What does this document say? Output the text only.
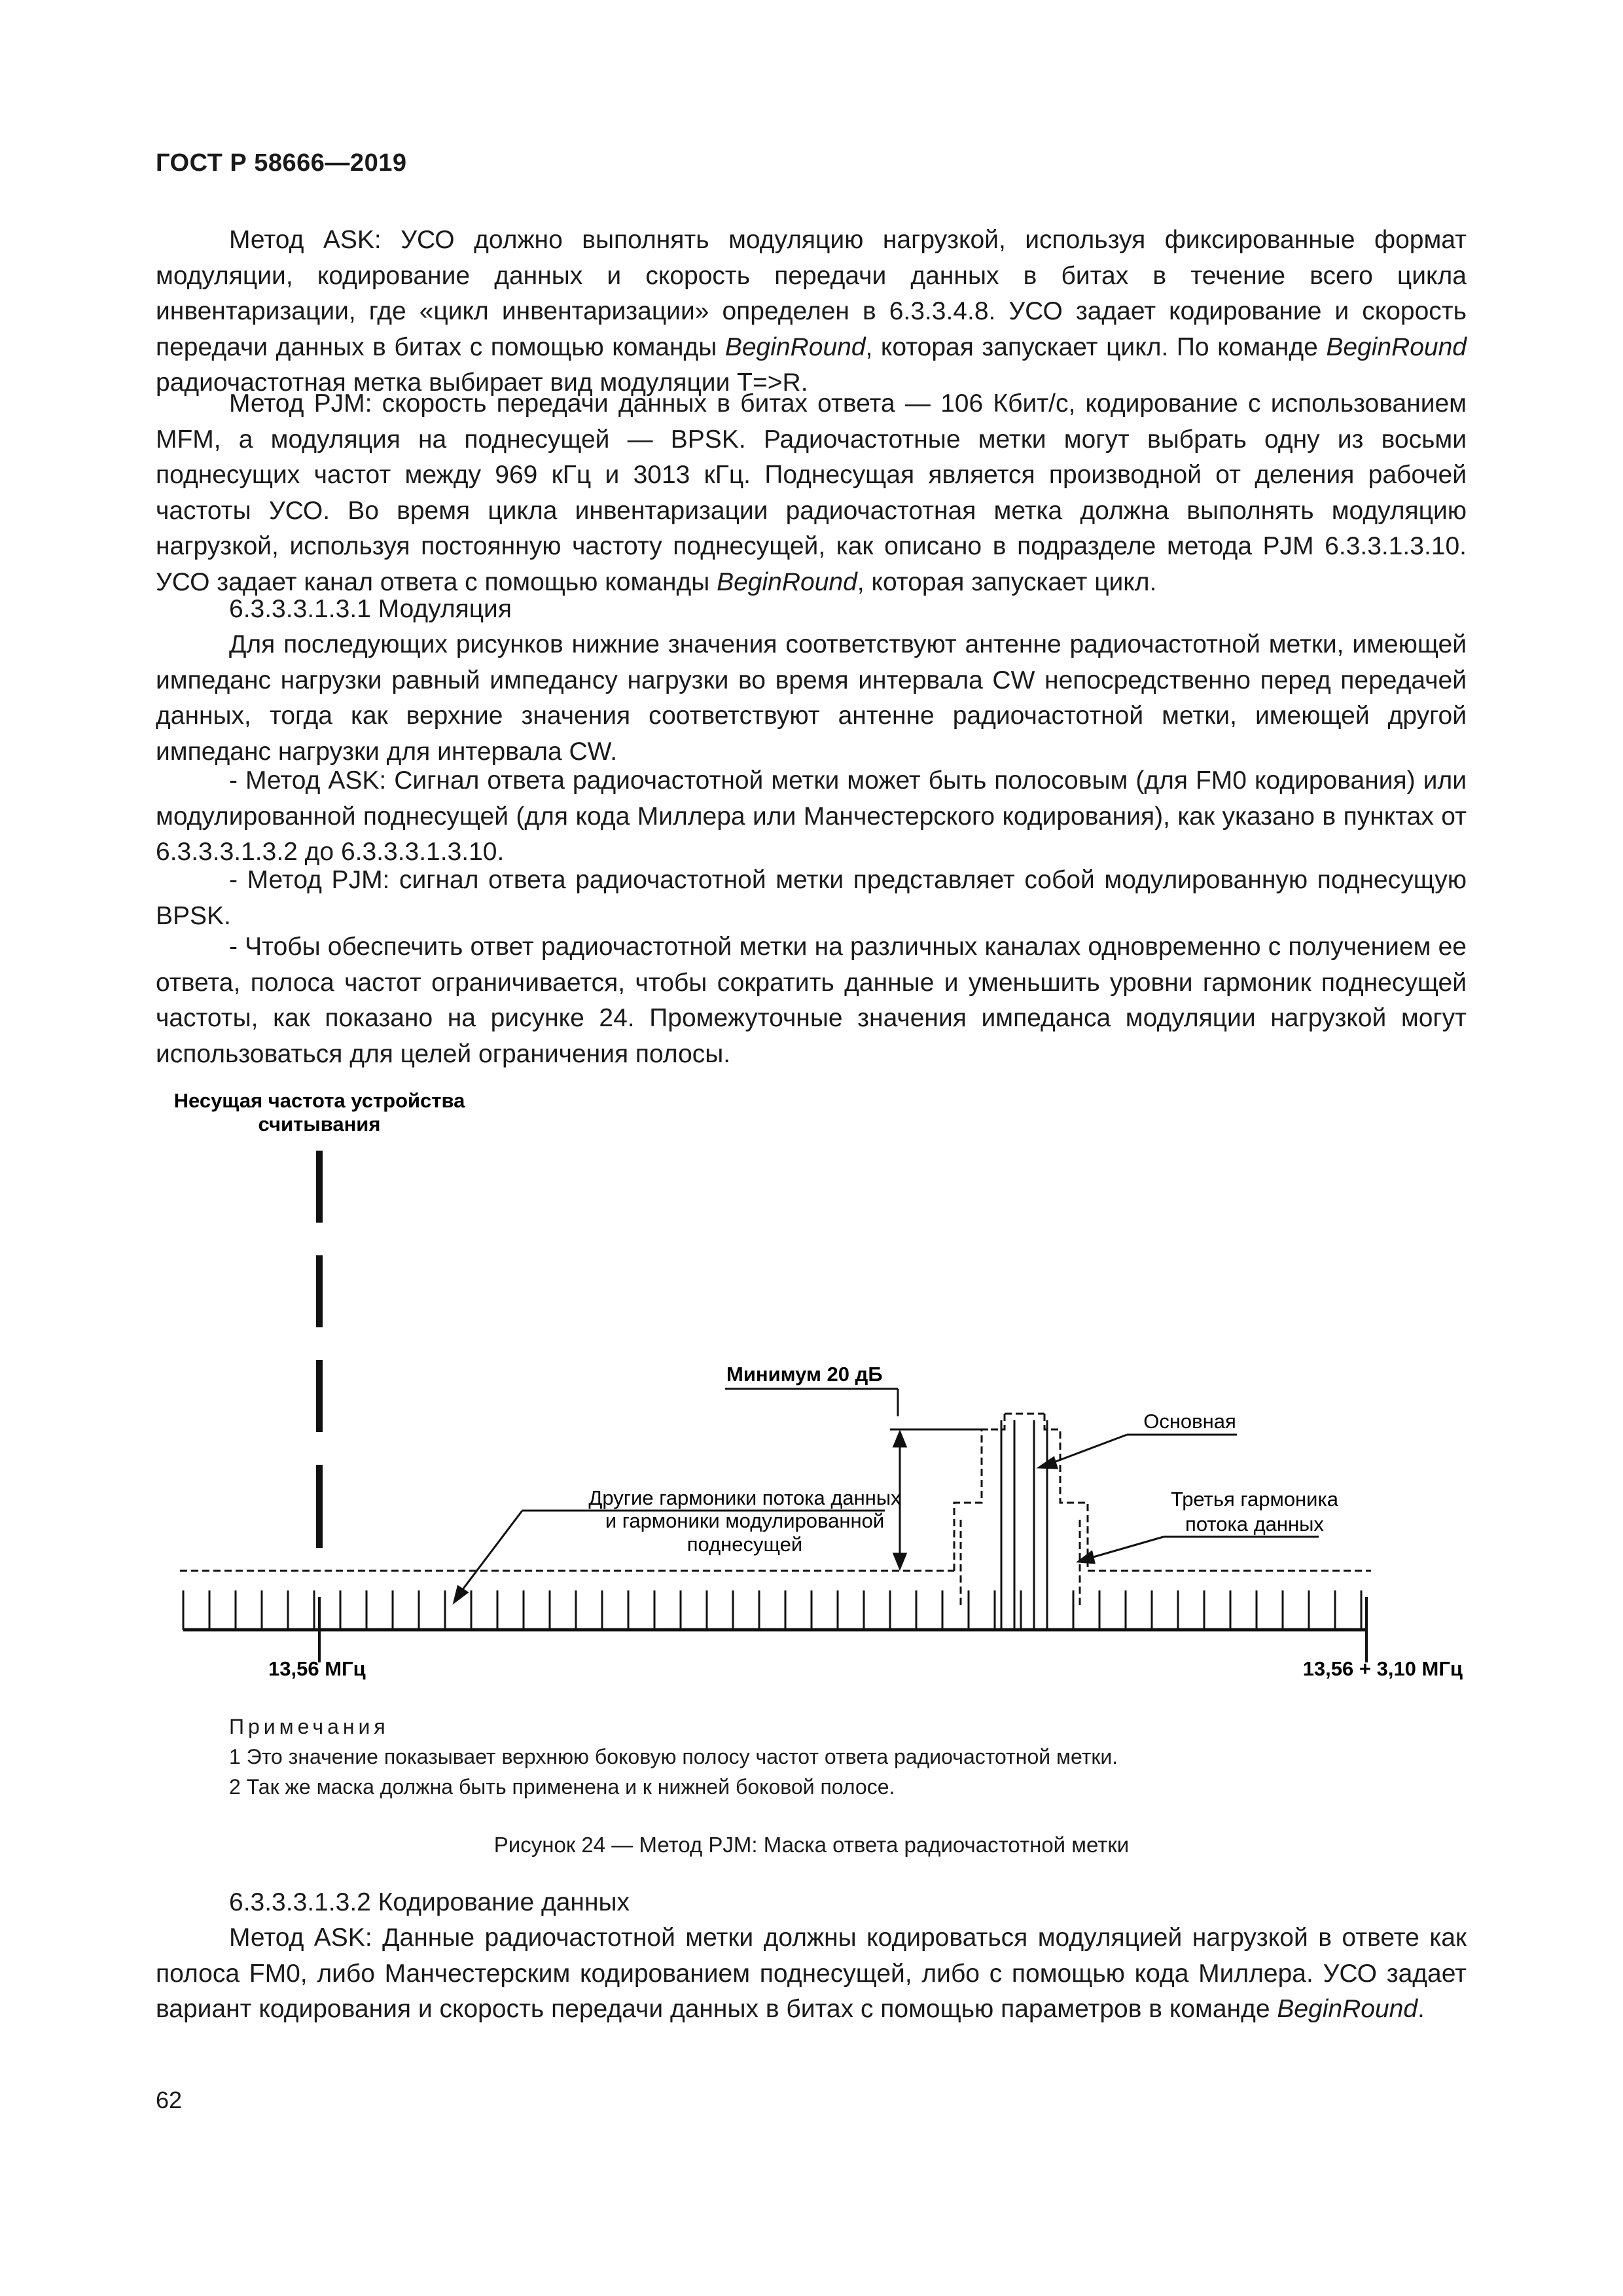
ГОСТ Р 58666—2019

Метод ASK: УСО должно выполнять модуляцию нагрузкой, используя фиксированные формат модуляции, кодирование данных и скорость передачи данных в битах в течение всего цикла инвентаризации, где «цикл инвентаризации» определен в 6.3.3.4.8. УСО задает кодирование и скорость передачи данных в битах с помощью команды BeginRound, которая запускает цикл. По команде BeginRound радиочастотная метка выбирает вид модуляции T=>R.

Метод PJM: скорость передачи данных в битах ответа — 106 Кбит/с, кодирование с использованием MFM, а модуляция на поднесущей — BPSK. Радиочастотные метки могут выбрать одну из восьми поднесущих частот между 969 кГц и 3013 кГц. Поднесущая является производной от деления рабочей частоты УСО. Во время цикла инвентаризации радиочастотная метка должна выполнять модуляцию нагрузкой, используя постоянную частоту поднесущей, как описано в подразделе метода PJM 6.3.3.1.3.10. УСО задает канал ответа с помощью команды BeginRound, которая запускает цикл.

6.3.3.3.1.3.1 Модуляция

Для последующих рисунков нижние значения соответствуют антенне радиочастотной метки, имеющей импеданс нагрузки равный импедансу нагрузки во время интервала CW непосредственно перед передачей данных, тогда как верхние значения соответствуют антенне радиочастотной метки, имеющей другой импеданс нагрузки для интервала CW.

- Метод ASK: Сигнал ответа радиочастотной метки может быть полосовым (для FM0 кодирования) или модулированной поднесущей (для кода Миллера или Манчестерского кодирования), как указано в пунктах от 6.3.3.3.1.3.2 до 6.3.3.3.1.3.10.

- Метод PJM: сигнал ответа радиочастотной метки представляет собой модулированную поднесущую BPSK.

- Чтобы обеспечить ответ радиочастотной метки на различных каналах одновременно с получением ее ответа, полоса частот ограничивается, чтобы сократить данные и уменьшить уровни гармоник поднесущей частоты, как показано на рисунке 24. Промежуточные значения импеданса модуляции нагрузкой могут использоваться для целей ограничения полосы.

Несущая частота устройства
считывания
Минимум 20 дБ
Основная
Другие гармоники потока данных
и гармоники модулированной
поднесущей
Третья гармоника
потока данных
13,56 МГц	13,56 + 3,10 МГц
Примечания
1 Это значение показывает верхнюю боковую полосу частот ответа радиочастотной метки.
2 Так же маска должна быть применена и к нижней боковой полосе.
Рисунок 24 — Метод PJM: Маска ответа радиочастотной метки
6.3.3.3.1.3.2 Кодирование данных

Метод ASK: Данные радиочастотной метки должны кодироваться модуляцией нагрузкой в ответе как полоса FM0, либо Манчестерским кодированием поднесущей, либо с помощью кода Миллера. УСО задает вариант кодирования и скорость передачи данных в битах с помощью параметров в команде BeginRound.

62
